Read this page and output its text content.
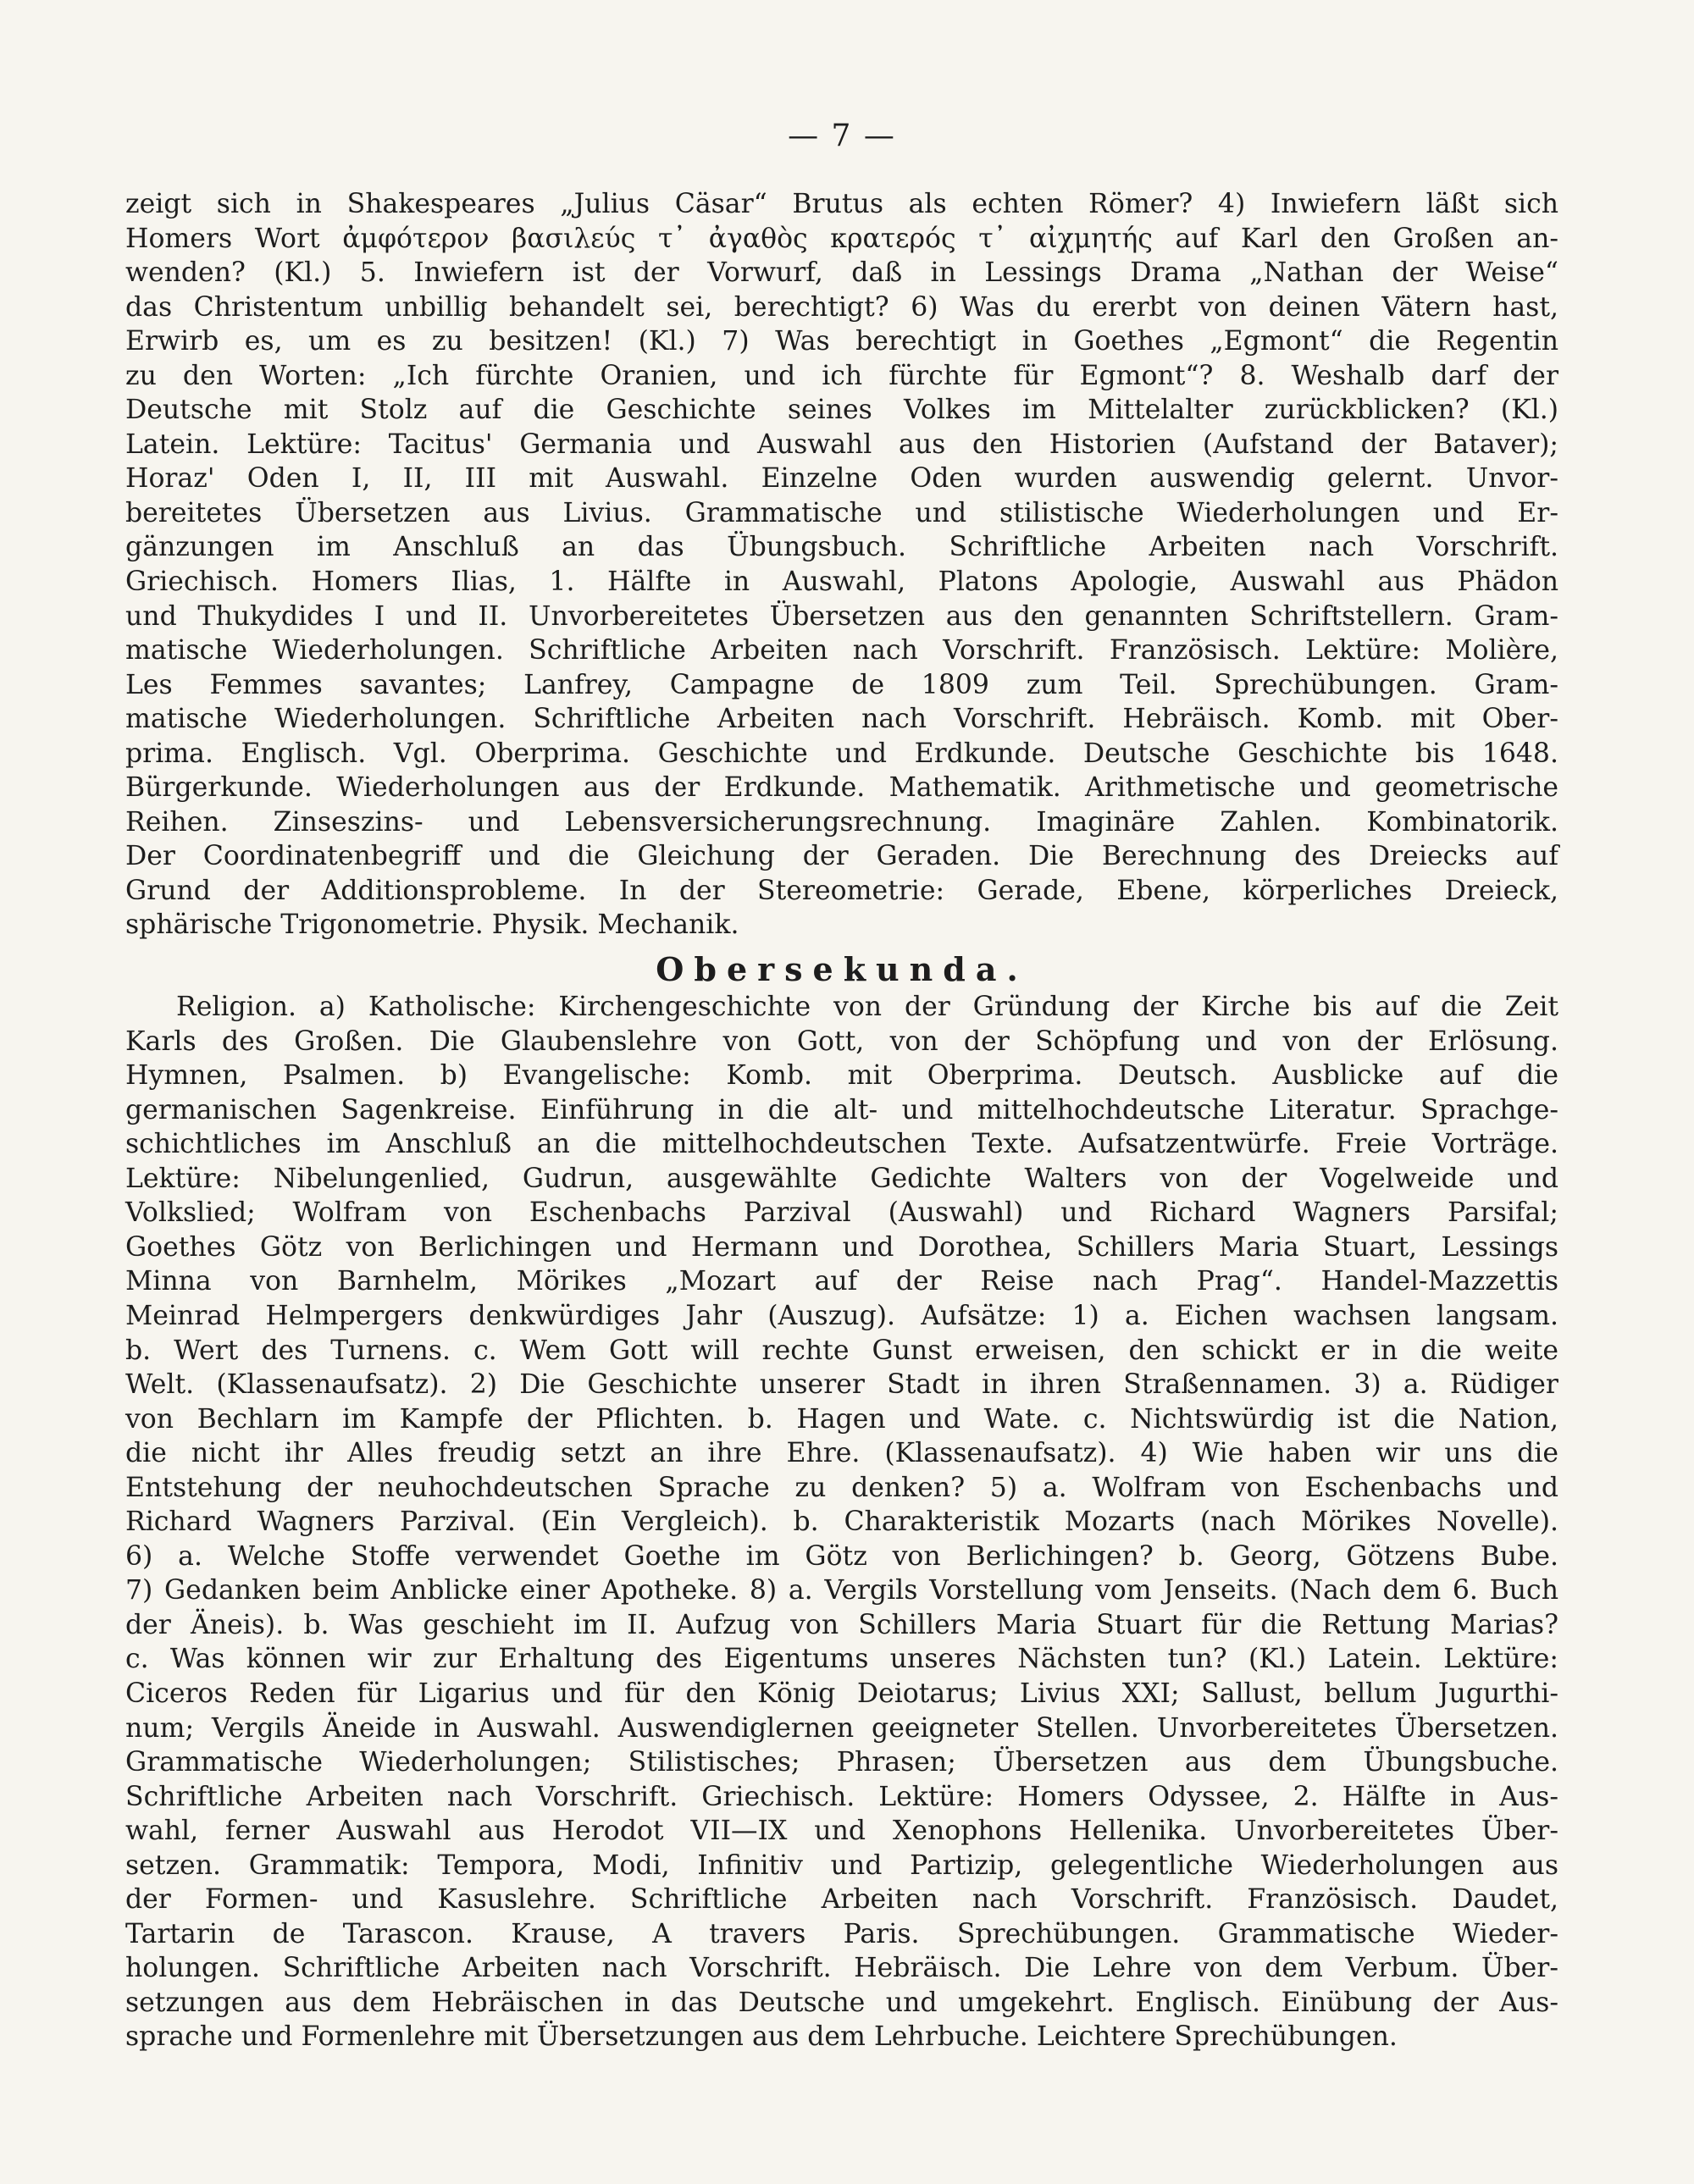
— 7 —
zeigt sich in Shakespeares „Julius Cäsar“ Brutus als echten Römer? 4) Inwiefern läßt sich
Homers Wort ἀμφότερον βασιλεύς τ᾽ ἀγαθὸς κρατερός τ᾽ αἰχμητής auf Karl den Großen an-
wenden? (Kl.) 5. Inwiefern ist der Vorwurf, daß in Lessings Drama „Nathan der Weise“
das Christentum unbillig behandelt sei, berechtigt? 6) Was du ererbt von deinen Vätern hast,
Erwirb es, um es zu besitzen! (Kl.) 7) Was berechtigt in Goethes „Egmont“ die Regentin
zu den Worten: „Ich fürchte Oranien, und ich fürchte für Egmont“? 8. Weshalb darf der
Deutsche mit Stolz auf die Geschichte seines Volkes im Mittelalter zurückblicken? (Kl.)
Latein. Lektüre: Tacitus' Germania und Auswahl aus den Historien (Aufstand der Bataver);
Horaz' Oden I, II, III mit Auswahl. Einzelne Oden wurden auswendig gelernt. Unvor-
bereitetes Übersetzen aus Livius. Grammatische und stilistische Wiederholungen und Er-
gänzungen im Anschluß an das Übungsbuch. Schriftliche Arbeiten nach Vorschrift.
Griechisch. Homers Ilias, 1. Hälfte in Auswahl, Platons Apologie, Auswahl aus Phädon
und Thukydides I und II. Unvorbereitetes Übersetzen aus den genannten Schriftstellern. Gram-
matische Wiederholungen. Schriftliche Arbeiten nach Vorschrift. Französisch. Lektüre: Molière,
Les Femmes savantes; Lanfrey, Campagne de 1809 zum Teil. Sprechübungen. Gram-
matische Wiederholungen. Schriftliche Arbeiten nach Vorschrift. Hebräisch. Komb. mit Ober-
prima. Englisch. Vgl. Oberprima. Geschichte und Erdkunde. Deutsche Geschichte bis 1648.
Bürgerkunde. Wiederholungen aus der Erdkunde. Mathematik. Arithmetische und geometrische
Reihen. Zinseszins- und Lebensversicherungsrechnung. Imaginäre Zahlen. Kombinatorik.
Der Coordinatenbegriff und die Gleichung der Geraden. Die Berechnung des Dreiecks auf
Grund der Additionsprobleme. In der Stereometrie: Gerade, Ebene, körperliches Dreieck,
sphärische Trigonometrie. Physik. Mechanik.
Obersekunda.
Religion. a) Katholische: Kirchengeschichte von der Gründung der Kirche bis auf die Zeit
Karls des Großen. Die Glaubenslehre von Gott, von der Schöpfung und von der Erlösung.
Hymnen, Psalmen. b) Evangelische: Komb. mit Oberprima. Deutsch. Ausblicke auf die
germanischen Sagenkreise. Einführung in die alt- und mittelhochdeutsche Literatur. Sprachge-
schichtliches im Anschluß an die mittelhochdeutschen Texte. Aufsatzentwürfe. Freie Vorträge.
Lektüre: Nibelungenlied, Gudrun, ausgewählte Gedichte Walters von der Vogelweide und
Volkslied; Wolfram von Eschenbachs Parzival (Auswahl) und Richard Wagners Parsifal;
Goethes Götz von Berlichingen und Hermann und Dorothea, Schillers Maria Stuart, Lessings
Minna von Barnhelm, Mörikes „Mozart auf der Reise nach Prag“. Handel-Mazzettis
Meinrad Helmpergers denkwürdiges Jahr (Auszug). Aufsätze: 1) a. Eichen wachsen langsam.
b. Wert des Turnens. c. Wem Gott will rechte Gunst erweisen, den schickt er in die weite
Welt. (Klassenaufsatz). 2) Die Geschichte unserer Stadt in ihren Straßennamen. 3) a. Rüdiger
von Bechlarn im Kampfe der Pflichten. b. Hagen und Wate. c. Nichtswürdig ist die Nation,
die nicht ihr Alles freudig setzt an ihre Ehre. (Klassenaufsatz). 4) Wie haben wir uns die
Entstehung der neuhochdeutschen Sprache zu denken? 5) a. Wolfram von Eschenbachs und
Richard Wagners Parzival. (Ein Vergleich). b. Charakteristik Mozarts (nach Mörikes Novelle).
6) a. Welche Stoffe verwendet Goethe im Götz von Berlichingen? b. Georg, Götzens Bube.
7) Gedanken beim Anblicke einer Apotheke. 8) a. Vergils Vorstellung vom Jenseits. (Nach dem 6. Buch
der Äneis). b. Was geschieht im II. Aufzug von Schillers Maria Stuart für die Rettung Marias?
c. Was können wir zur Erhaltung des Eigentums unseres Nächsten tun? (Kl.) Latein. Lektüre:
Ciceros Reden für Ligarius und für den König Deiotarus; Livius XXI; Sallust, bellum Jugurthi-
num; Vergils Äneide in Auswahl. Auswendiglernen geeigneter Stellen. Unvorbereitetes Übersetzen.
Grammatische Wiederholungen; Stilistisches; Phrasen; Übersetzen aus dem Übungsbuche.
Schriftliche Arbeiten nach Vorschrift. Griechisch. Lektüre: Homers Odyssee, 2. Hälfte in Aus-
wahl, ferner Auswahl aus Herodot VII—IX und Xenophons Hellenika. Unvorbereitetes Über-
setzen. Grammatik: Tempora, Modi, Infinitiv und Partizip, gelegentliche Wiederholungen aus
der Formen- und Kasuslehre. Schriftliche Arbeiten nach Vorschrift. Französisch. Daudet,
Tartarin de Tarascon. Krause, A travers Paris. Sprechübungen. Grammatische Wieder-
holungen. Schriftliche Arbeiten nach Vorschrift. Hebräisch. Die Lehre von dem Verbum. Über-
setzungen aus dem Hebräischen in das Deutsche und umgekehrt. Englisch. Einübung der Aus-
sprache und Formenlehre mit Übersetzungen aus dem Lehrbuche. Leichtere Sprechübungen.
